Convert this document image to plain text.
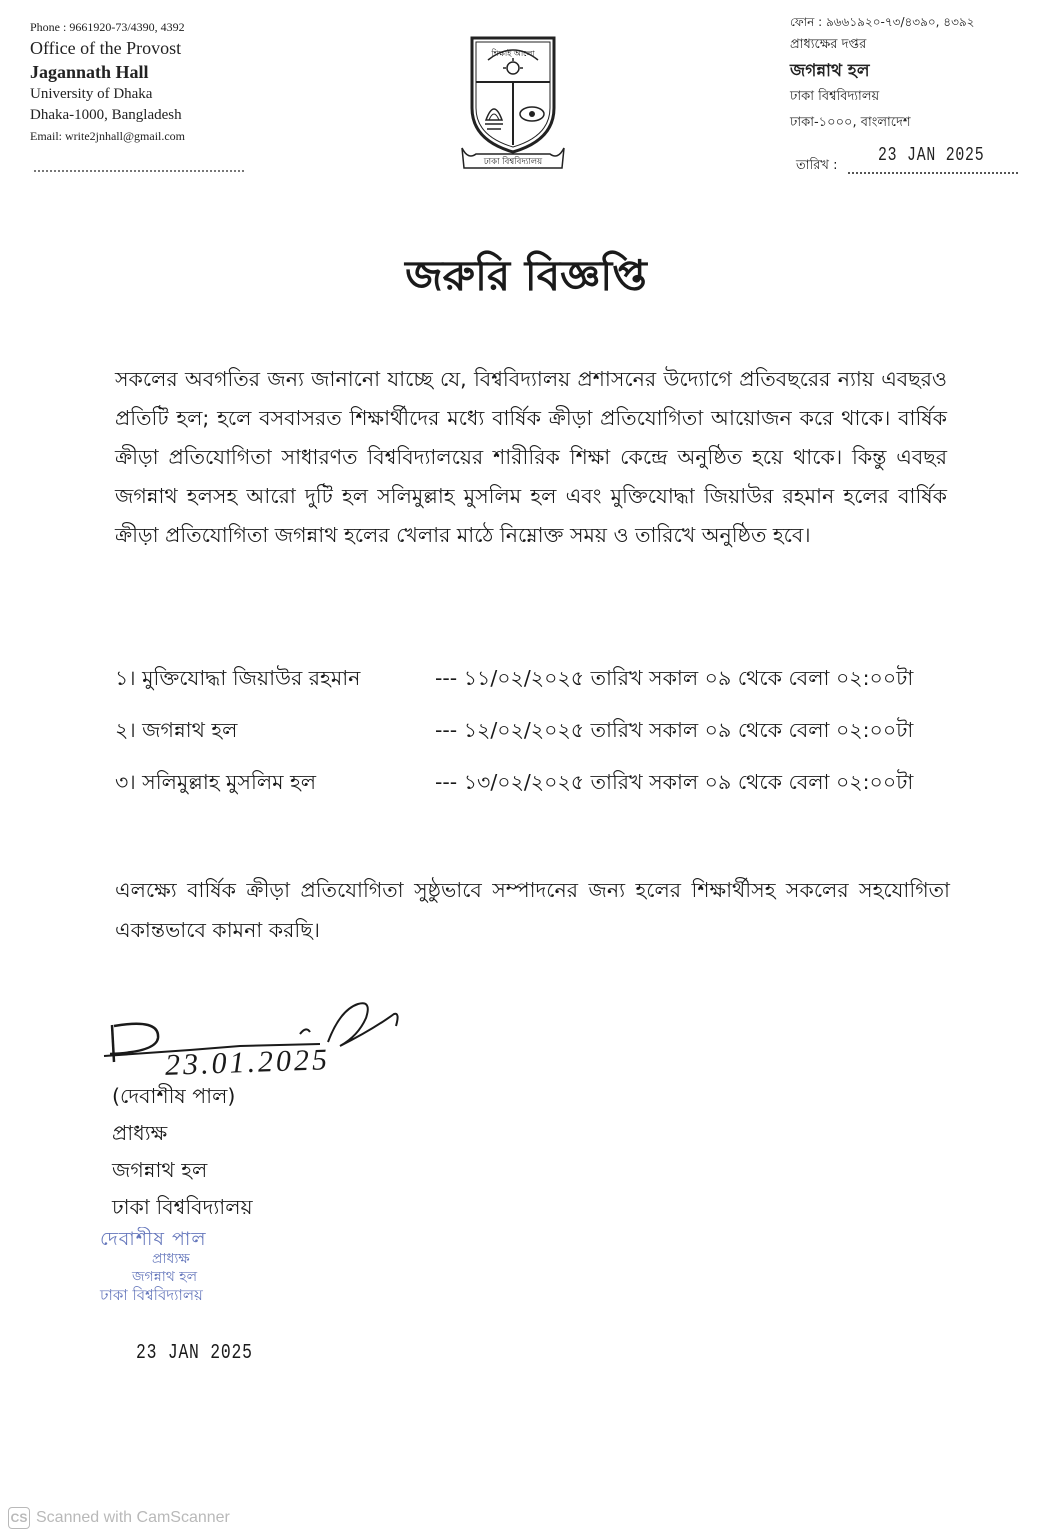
Phone : 9661920-73/4390, 4392
Office of the Provost
Jagannath Hall
University of Dhaka
Dhaka-1000, Bangladesh
Email: write2jnhall@gmail.com
শিক্ষাই আলো
ঢাকা বিশ্ববিদ্যালয়
ফোন : ৯৬৬১৯২০-৭৩/৪৩৯০, ৪৩৯২
প্রাধ্যক্ষের দপ্তর
জগন্নাথ হল
ঢাকা বিশ্ববিদ্যালয়
ঢাকা-১০০০, বাংলাদেশ
তারিখ : 23 JAN 2025
জরুরি বিজ্ঞপ্তি
সকলের অবগতির জন্য জানানো যাচ্ছে যে, বিশ্ববিদ্যালয় প্রশাসনের উদ্যোগে প্রতিবছরের ন্যায় এবছরও প্রতিটি হল; হলে বসবাসরত শিক্ষার্থীদের মধ্যে বার্ষিক ক্রীড়া প্রতিযোগিতা আয়োজন করে থাকে। বার্ষিক ক্রীড়া প্রতিযোগিতা সাধারণত বিশ্ববিদ্যালয়ের শারীরিক শিক্ষা কেন্দ্রে অনুষ্ঠিত হয়ে থাকে। কিন্তু এবছর জগন্নাথ হলসহ আরো দুটি হল সলিমুল্লাহ মুসলিম হল এবং মুক্তিযোদ্ধা জিয়াউর রহমান হলের বার্ষিক ক্রীড়া প্রতিযোগিতা জগন্নাথ হলের খেলার মাঠে নিম্নোক্ত সময় ও তারিখে অনুষ্ঠিত হবে।
১। মুক্তিযোদ্ধা জিয়াউর রহমান	--- ১১/০২/২০২৫ তারিখ সকাল ০৯ থেকে বেলা ০২:০০টা
২। জগন্নাথ হল	--- ১২/০২/২০২৫ তারিখ সকাল ০৯ থেকে বেলা ০২:০০টা
৩। সলিমুল্লাহ মুসলিম হল	--- ১৩/০২/২০২৫ তারিখ সকাল ০৯ থেকে বেলা ০২:০০টা
এলক্ষ্যে বার্ষিক ক্রীড়া প্রতিযোগিতা সুষ্ঠুভাবে সম্পাদনের জন্য হলের শিক্ষার্থীসহ সকলের সহযোগিতা একান্তভাবে কামনা করছি।
23.01.2025
(দেবাশীষ পাল)
প্রাধ্যক্ষ
জগন্নাথ হল
ঢাকা বিশ্ববিদ্যালয়
দেবাশীষ পাল
প্রাধ্যক্ষ
জগন্নাথ হল
ঢাকা বিশ্ববিদ্যালয়
23 JAN 2025
CS Scanned with CamScanner
